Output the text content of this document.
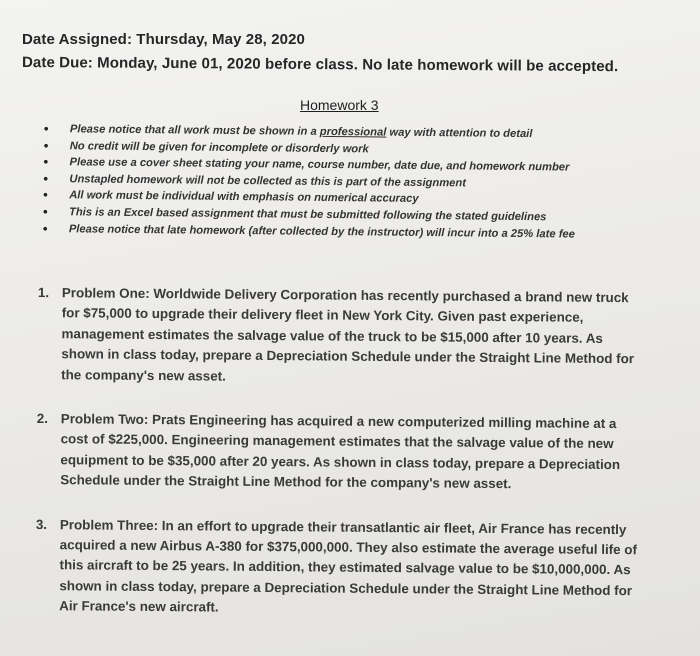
Date Assigned: Thursday, May 28, 2020
Date Due: Monday, June 01, 2020 before class. No late homework will be accepted.
Homework 3
• Please notice that all work must be shown in a professional way with attention to detail
• No credit will be given for incomplete or disorderly work
• Please use a cover sheet stating your name, course number, date due, and homework number
• Unstapled homework will not be collected as this is part of the assignment
• All work must be individual with emphasis on numerical accuracy
• This is an Excel based assignment that must be submitted following the stated guidelines
• Please notice that late homework (after collected by the instructor) will incur into a 25% late fee
1. Problem One: Worldwide Delivery Corporation has recently purchased a brand new truck for $75,000 to upgrade their delivery fleet in New York City. Given past experience, management estimates the salvage value of the truck to be $15,000 after 10 years. As shown in class today, prepare a Depreciation Schedule under the Straight Line Method for the company's new asset.
2. Problem Two: Prats Engineering has acquired a new computerized milling machine at a cost of $225,000. Engineering management estimates that the salvage value of the new equipment to be $35,000 after 20 years. As shown in class today, prepare a Depreciation Schedule under the Straight Line Method for the company's new asset.
3. Problem Three: In an effort to upgrade their transatlantic air fleet, Air France has recently acquired a new Airbus A-380 for $375,000,000. They also estimate the average useful life of this aircraft to be 25 years. In addition, they estimated salvage value to be $10,000,000. As shown in class today, prepare a Depreciation Schedule under the Straight Line Method for Air France's new aircraft.
